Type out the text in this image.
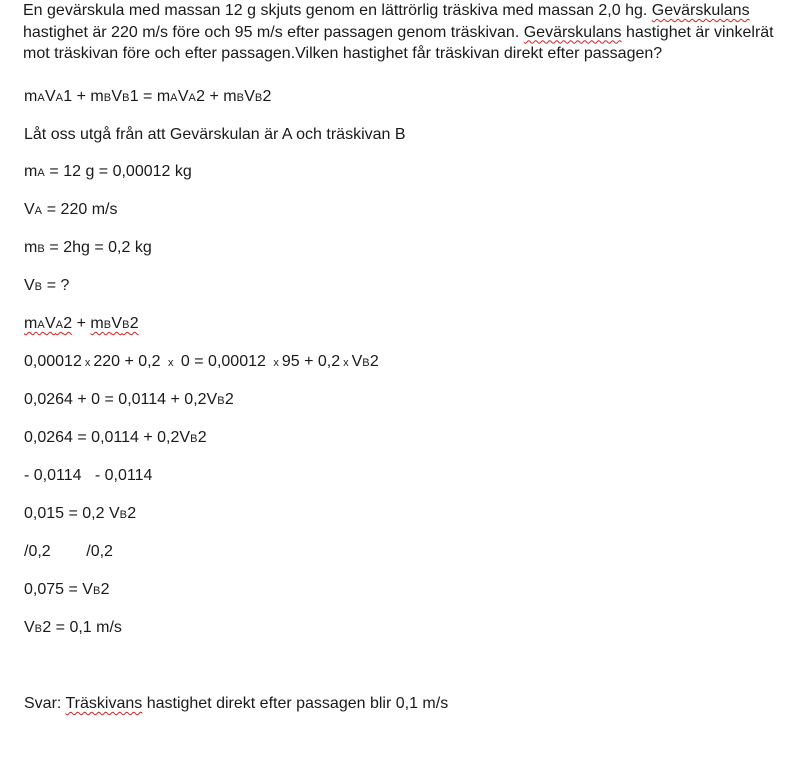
En gevärskula med massan 12 g skjuts genom en lättrörlig träskiva med massan 2,0 hg. Gevärskulans hastighet är 220 m/s före och 95 m/s efter passagen genom träskivan. Gevärskulans hastighet är vinkelrät mot träskivan före och efter passagen.Vilken hastighet får träskivan direkt efter passagen?

mAVA1 + mBVB1 = mAVA2 + mBVB2

Låt oss utgå från att Gevärskulan är A och träskivan B

mA = 12 g = 0,00012 kg

VA = 220 m/s

mB = 2hg = 0,2 kg

VB = ?

mAVA2 + mBVB2

0,00012 x 220 + 0,2 x 0 = 0,00012 x 95 + 0,2 x VB2

0,0264 + 0 = 0,0114 + 0,2VB2

0,0264 = 0,0114 + 0,2VB2

- 0,0114   - 0,0114

0,015 = 0,2 VB2

/0,2        /0,2

0,075 = VB2

VB2 = 0,1 m/s

Svar: Träskivans hastighet direkt efter passagen blir 0,1 m/s
